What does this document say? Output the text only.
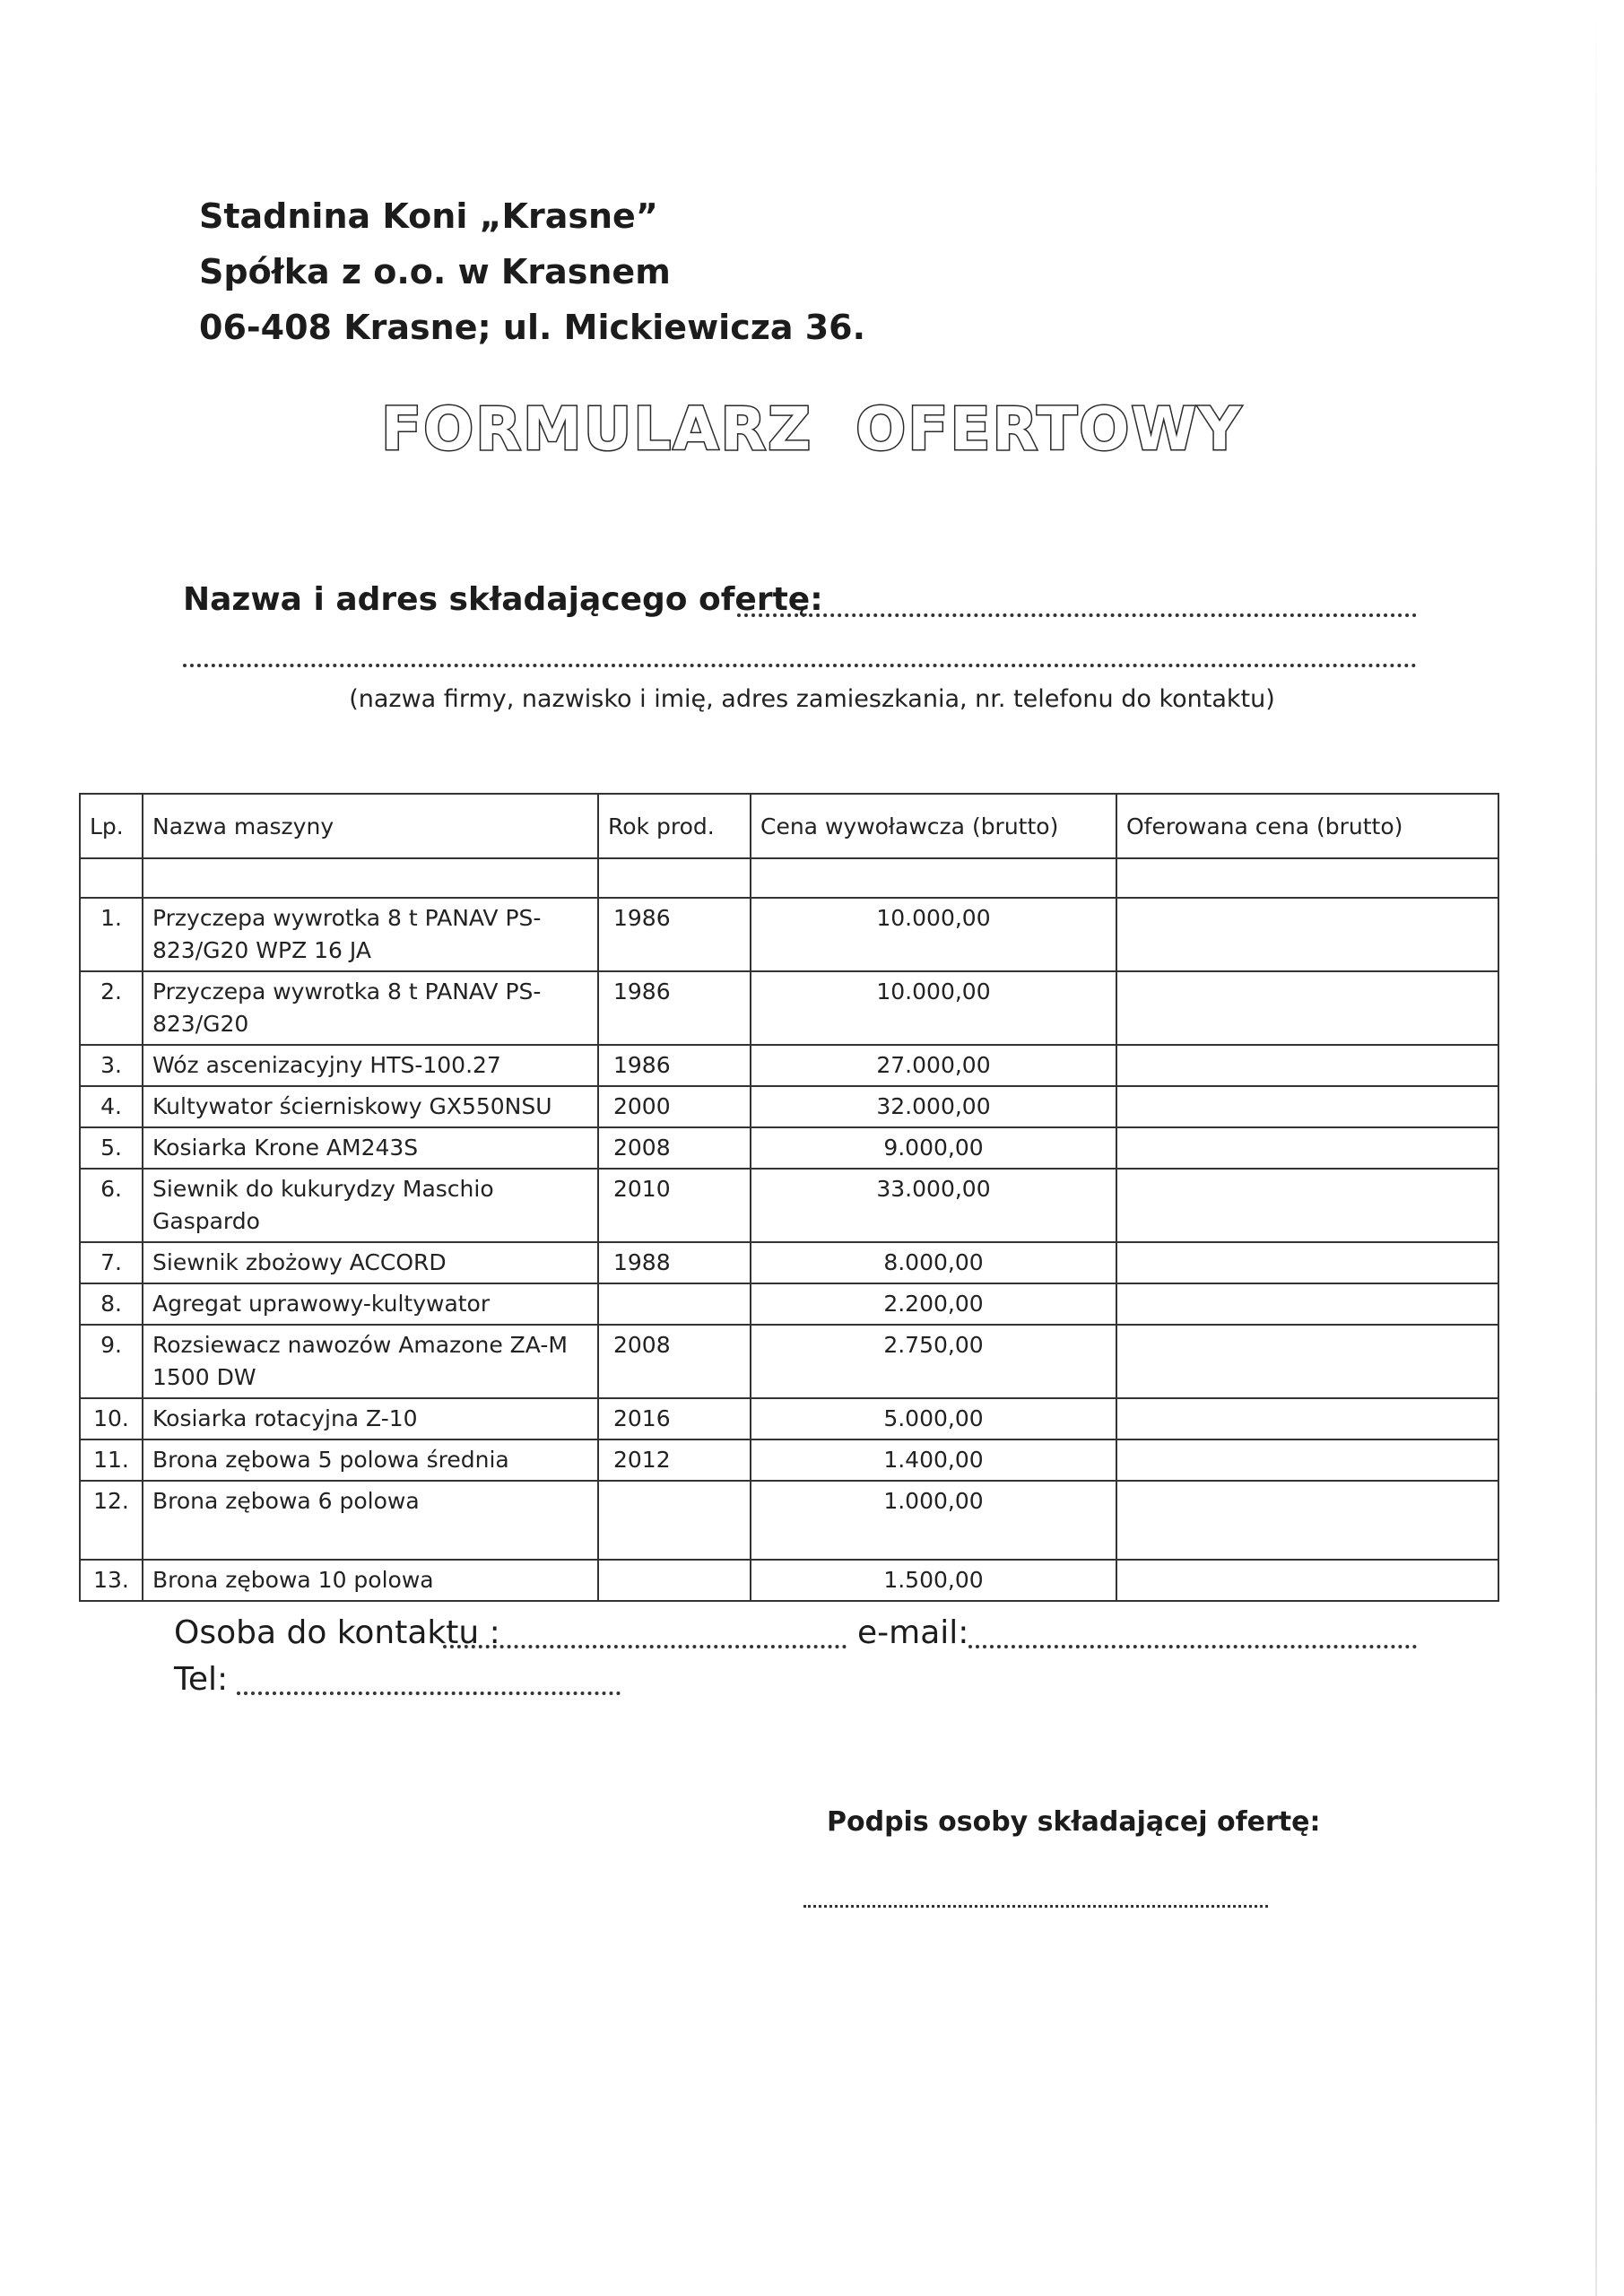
Stadnina Koni „Krasne”
Spółka z o.o. w Krasnem
06-408 Krasne; ul. Mickiewicza 36.
FORMULARZ OFERTOWY
Nazwa i adres składającego ofertę:
(nazwa firmy, nazwisko i imię, adres zamieszkania, nr. telefonu do kontaktu)
Lp.	Nazwa maszyny	Rok prod.	Cena wywoławcza (brutto)	Oferowana cena (brutto)

1.	Przyczepa wywrotka 8 t PANAV PS-823/G20 WPZ 16 JA	1986	10.000,00	
2.	Przyczepa wywrotka 8 t PANAV PS-823/G20	1986	10.000,00	
3.	Wóz ascenizacyjny HTS-100.27	1986	27.000,00	
4.	Kultywator ścierniskowy GX550NSU	2000	32.000,00	
5.	Kosiarka Krone AM243S	2008	9.000,00	
6.	Siewnik do kukurydzy Maschio Gaspardo	2010	33.000,00	
7.	Siewnik zbożowy ACCORD	1988	8.000,00	
8.	Agregat uprawowy-kultywator		2.200,00	
9.	Rozsiewacz nawozów Amazone ZA-M 1500 DW	2008	2.750,00	
10.	Kosiarka rotacyjna Z-10	2016	5.000,00	
11.	Brona zębowa 5 polowa średnia	2012	1.400,00	
12.	Brona zębowa 6 polowa		1.000,00	
13.	Brona zębowa 10 polowa		1.500,00	
Osoba do kontaktu :	e-mail:
Tel:
Podpis osoby składającej ofertę:
